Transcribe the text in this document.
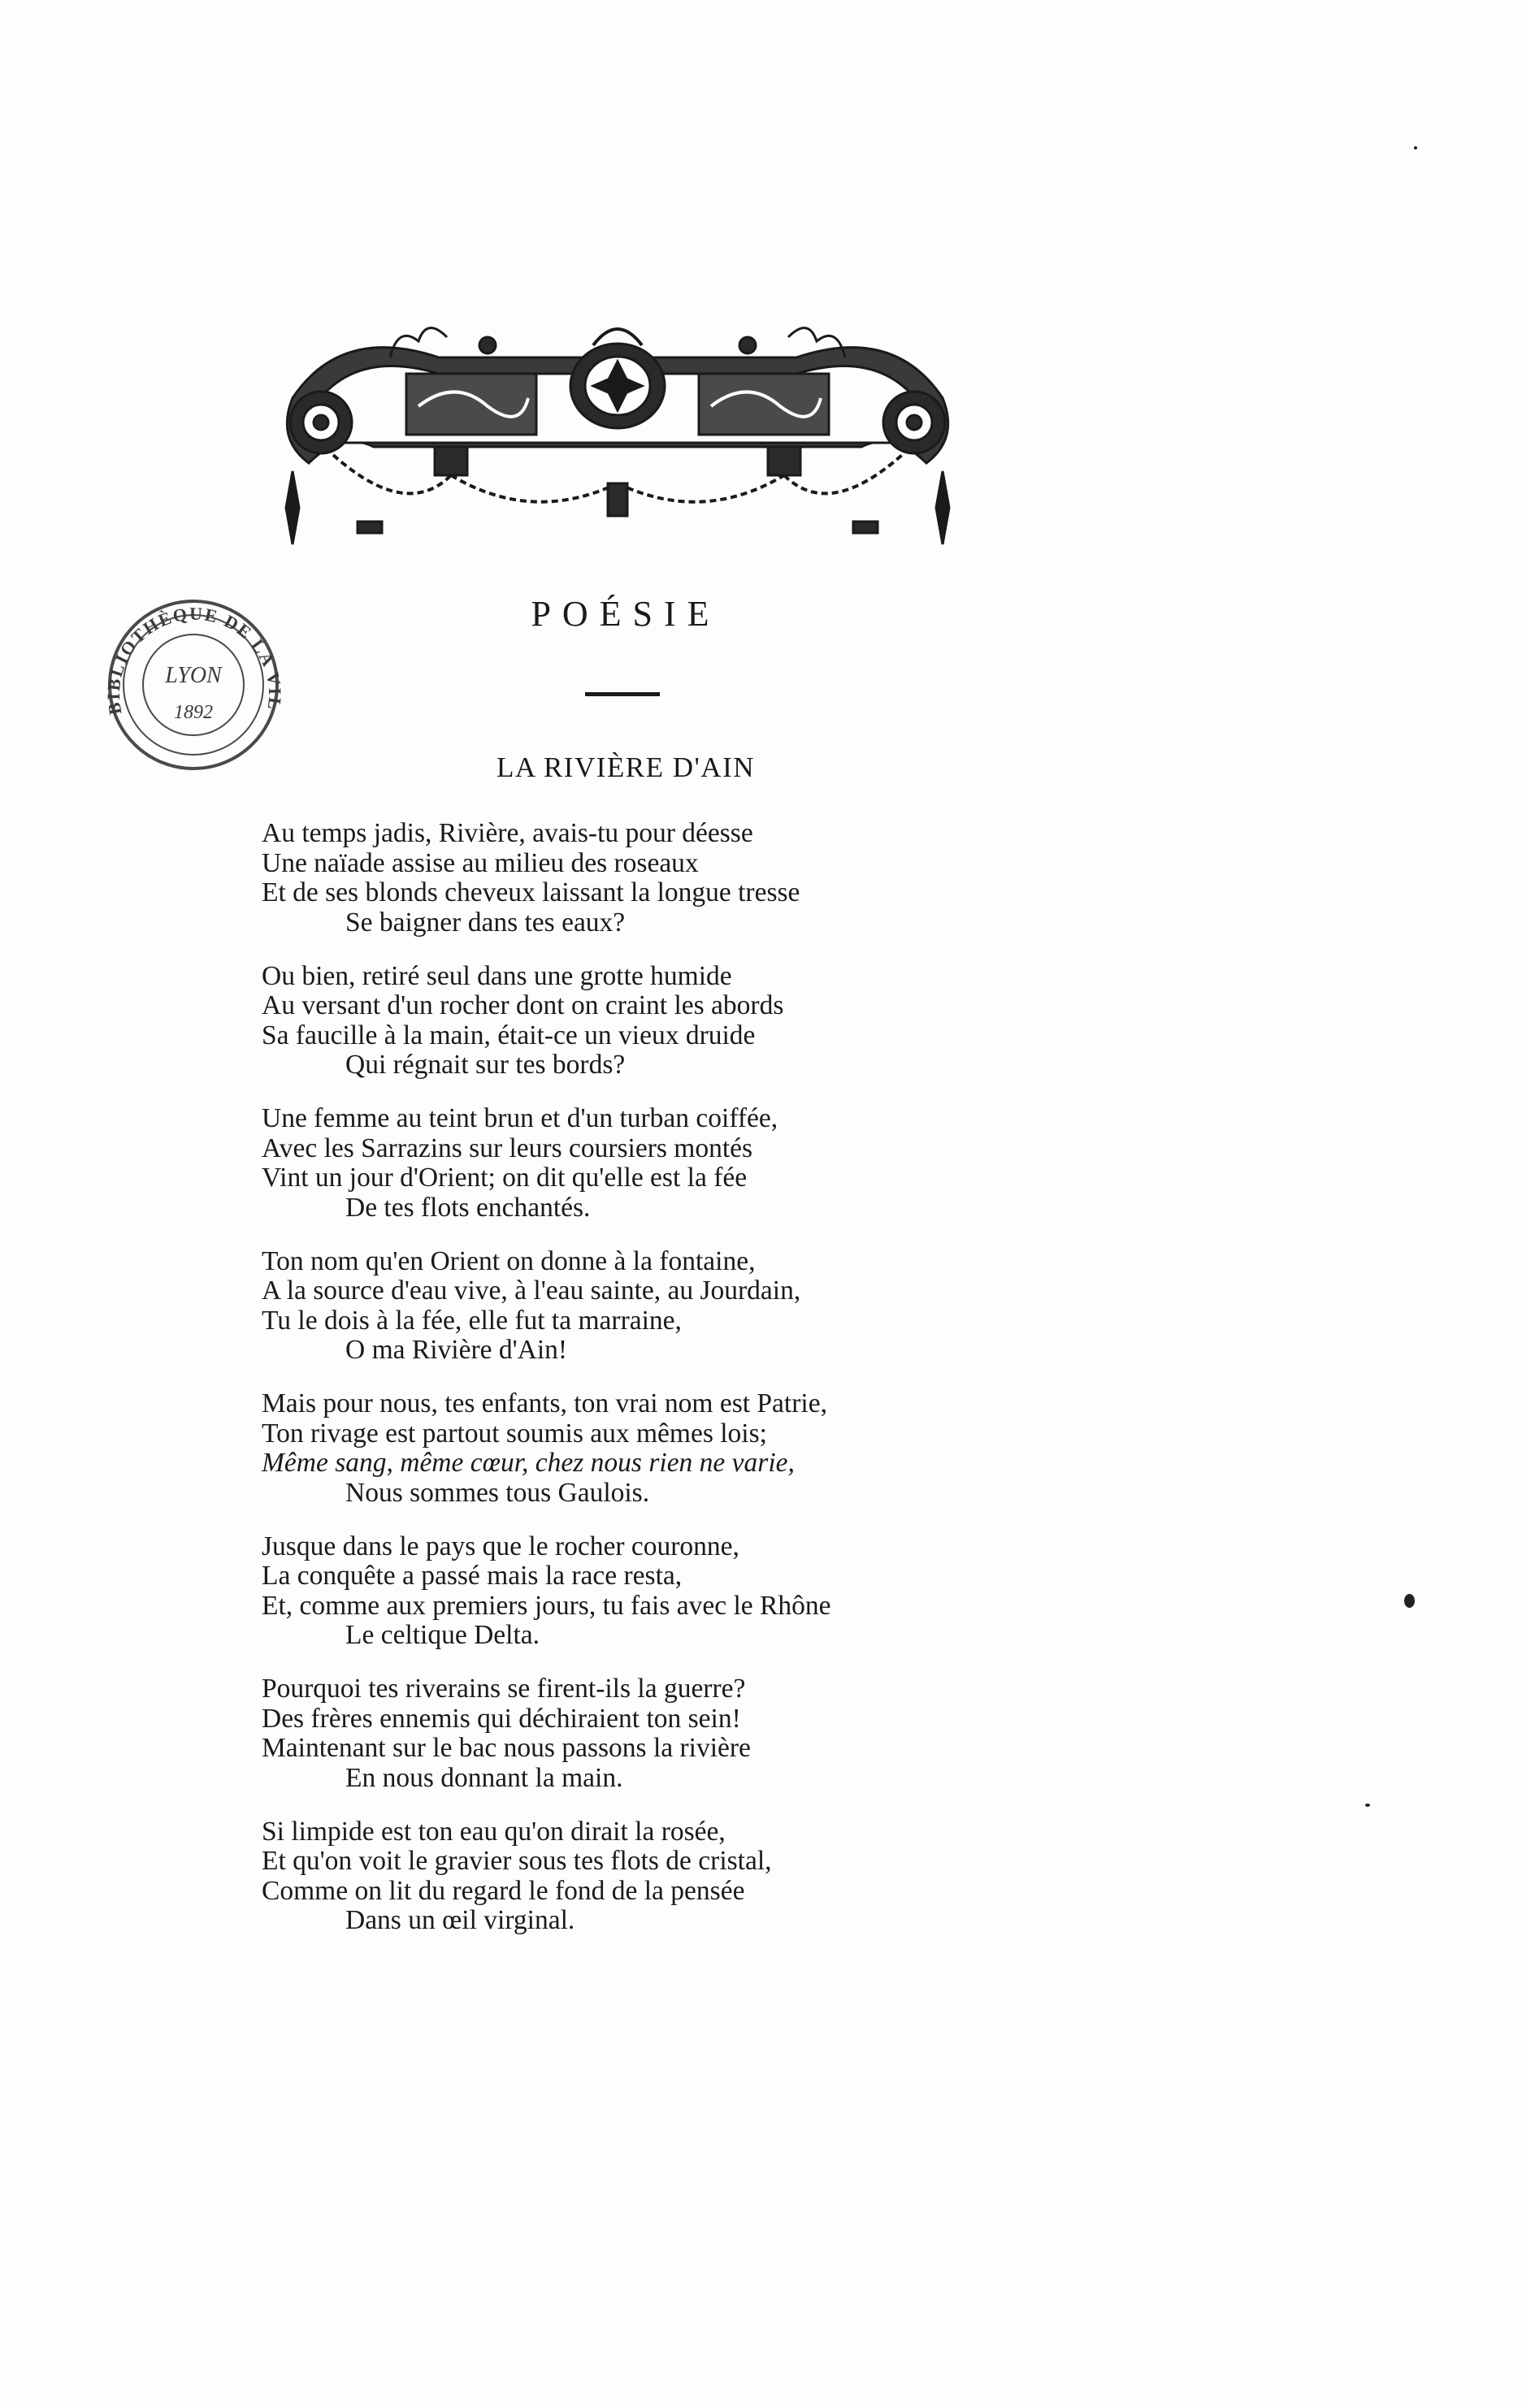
BIBLIOTHÈQUE DE LA VIL
LYON
1892
POÉSIE
LA RIVIÈRE D'AIN
Au temps jadis, Rivière, avais-tu pour déesse
Une naïade assise au milieu des roseaux
Et de ses blonds cheveux laissant la longue tresse
Se baigner dans tes eaux?
Ou bien, retiré seul dans une grotte humide
Au versant d'un rocher dont on craint les abords
Sa faucille à la main, était-ce un vieux druide
Qui régnait sur tes bords?
Une femme au teint brun et d'un turban coiffée,
Avec les Sarrazins sur leurs coursiers montés
Vint un jour d'Orient; on dit qu'elle est la fée
De tes flots enchantés.
Ton nom qu'en Orient on donne à la fontaine,
A la source d'eau vive, à l'eau sainte, au Jourdain,
Tu le dois à la fée, elle fut ta marraine,
O ma Rivière d'Ain!
Mais pour nous, tes enfants, ton vrai nom est Patrie,
Ton rivage est partout soumis aux mêmes lois;
Même sang, même cœur, chez nous rien ne varie,
Nous sommes tous Gaulois.
Jusque dans le pays que le rocher couronne,
La conquête a passé mais la race resta,
Et, comme aux premiers jours, tu fais avec le Rhône
Le celtique Delta.
Pourquoi tes riverains se firent-ils la guerre?
Des frères ennemis qui déchiraient ton sein!
Maintenant sur le bac nous passons la rivière
En nous donnant la main.
Si limpide est ton eau qu'on dirait la rosée,
Et qu'on voit le gravier sous tes flots de cristal,
Comme on lit du regard le fond de la pensée
Dans un œil virginal.
